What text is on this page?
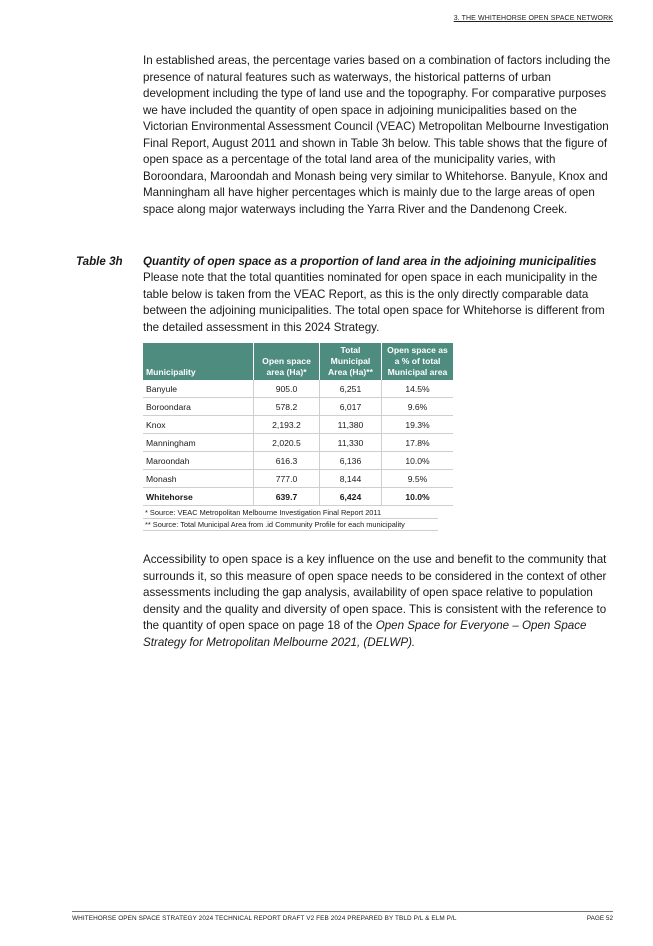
3. THE WHITEHORSE OPEN SPACE NETWORK

In established areas, the percentage varies based on a combination of factors including the presence of natural features such as waterways, the historical patterns of urban development including the type of land use and the topography. For comparative purposes we have included the quantity of open space in adjoining municipalities based on the Victorian Environmental Assessment Council (VEAC) Metropolitan Melbourne Investigation Final Report, August 2011 and shown in Table 3h below. This table shows that the figure of open space as a percentage of the total land area of the municipality varies, with Boroondara, Maroondah and Monash being very similar to Whitehorse. Banyule, Knox and Manningham all have higher percentages which is mainly due to the large areas of open space along major waterways including the Yarra River and the Dandenong Creek.

Table 3h Quantity of open space as a proportion of land area in the adjoining municipalities

Please note that the total quantities nominated for open space in each municipality in the table below is taken from the VEAC Report, as this is the only directly comparable data between the adjoining municipalities. The total open space for Whitehorse is different from the detailed assessment in this 2024 Strategy.

Municipality	Open space area (Ha)*	Total Municipal Area (Ha)**	Open space as a % of total Municipal area
Banyule	905.0	6,251	14.5%
Boroondara	578.2	6,017	9.6%
Knox	2,193.2	11,380	19.3%
Manningham	2,020.5	11,330	17.8%
Maroondah	616.3	6,136	10.0%
Monash	777.0	8,144	9.5%
Whitehorse	639.7	6,424	10.0%
* Source: VEAC Metropolitan Melbourne Investigation Final Report 2011
** Source: Total Municipal Area from .id Community Profile for each municipality

Accessibility to open space is a key influence on the use and benefit to the community that surrounds it, so this measure of open space needs to be considered in the context of other assessments including the gap analysis, availability of open space relative to population density and the quality and diversity of open space. This is consistent with the reference to the quantity of open space on page 18 of the Open Space for Everyone – Open Space Strategy for Metropolitan Melbourne 2021, (DELWP).

WHITEHORSE OPEN SPACE STRATEGY 2024 TECHNICAL REPORT DRAFT V2 FEB 2024 PREPARED BY TBLD P/L & ELM P/L	PAGE 52
